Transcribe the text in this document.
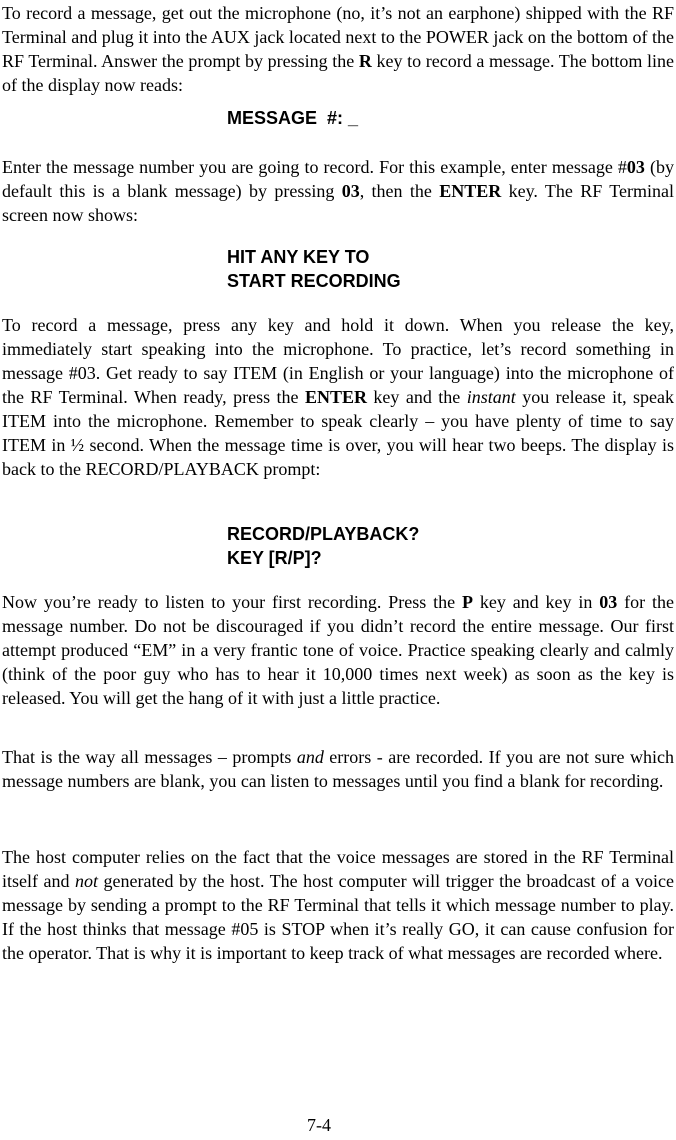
To record a message, get out the microphone (no, it’s not an earphone) shipped with the RF Terminal and plug it into the AUX jack located next to the POWER jack on the bottom of the RF Terminal. Answer the prompt by pressing the R key to record a message. The bottom line of the display now reads:

MESSAGE  #: _

Enter the message number you are going to record. For this example, enter message #03 (by default this is a blank message) by pressing 03, then the ENTER key. The RF Terminal screen now shows:

HIT ANY KEY TO
START RECORDING

To record a message, press any key and hold it down. When you release the key, immediately start speaking into the microphone. To practice, let’s record something in message #03. Get ready to say ITEM (in English or your language) into the microphone of the RF Terminal. When ready, press the ENTER key and the instant you release it, speak ITEM into the microphone. Remember to speak clearly – you have plenty of time to say ITEM in ½ second. When the message time is over, you will hear two beeps. The display is back to the RECORD/PLAYBACK prompt:

RECORD/PLAYBACK?
KEY [R/P]?

Now you’re ready to listen to your first recording. Press the P key and key in 03 for the message number. Do not be discouraged if you didn’t record the entire message. Our first attempt produced “EM” in a very frantic tone of voice. Practice speaking clearly and calmly (think of the poor guy who has to hear it 10,000 times next week) as soon as the key is released. You will get the hang of it with just a little practice.

That is the way all messages – prompts and errors - are recorded. If you are not sure which message numbers are blank, you can listen to messages until you find a blank for recording.

The host computer relies on the fact that the voice messages are stored in the RF Terminal itself and not generated by the host. The host computer will trigger the broadcast of a voice message by sending a prompt to the RF Terminal that tells it which message number to play. If the host thinks that message #05 is STOP when it’s really GO, it can cause confusion for the operator. That is why it is important to keep track of what messages are recorded where.

7-4
